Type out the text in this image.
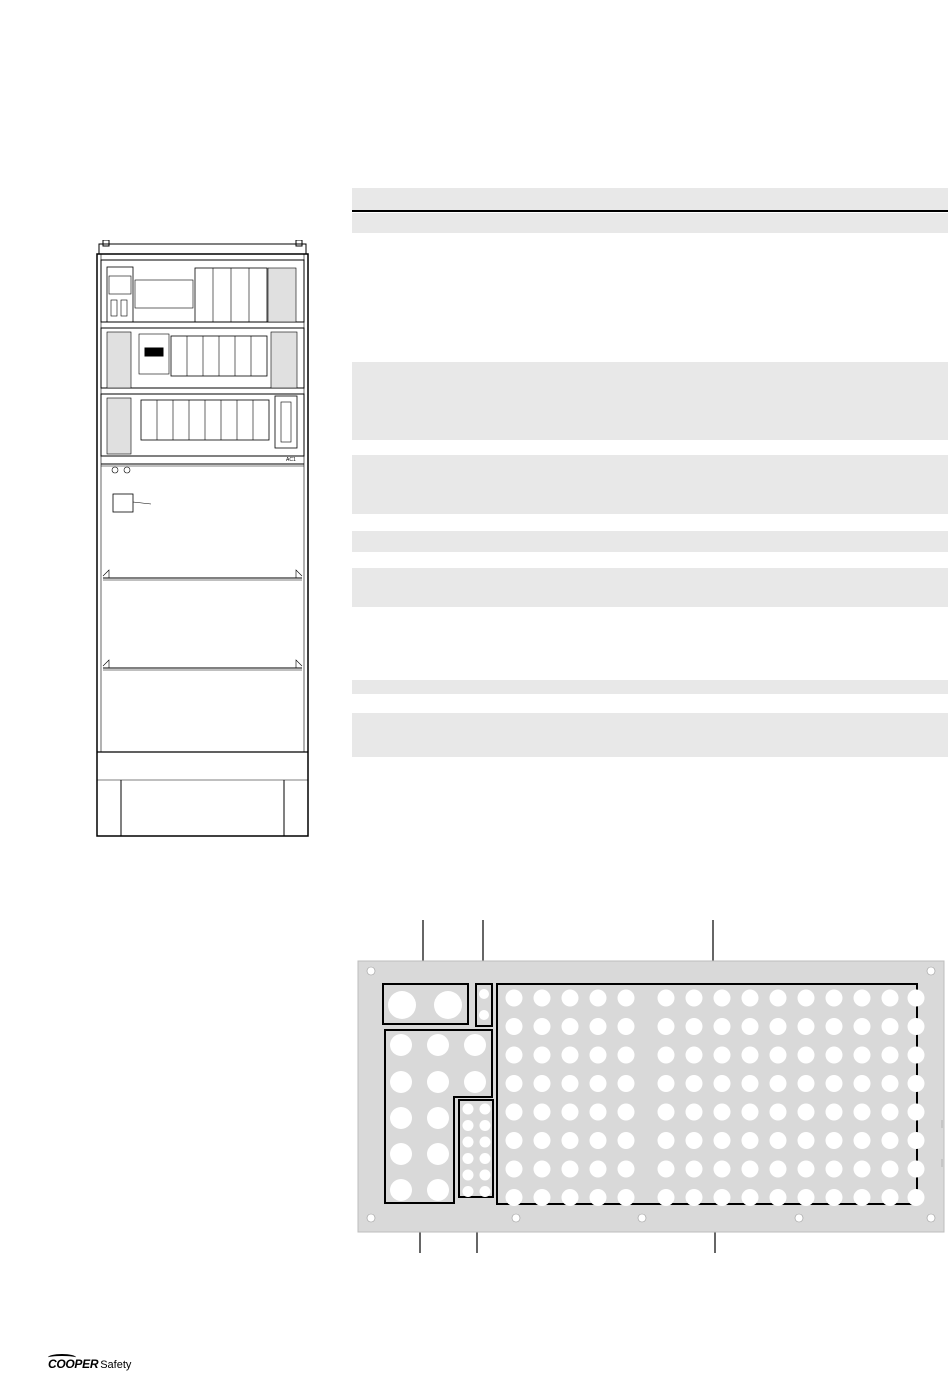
AC1
COOPER Safety
